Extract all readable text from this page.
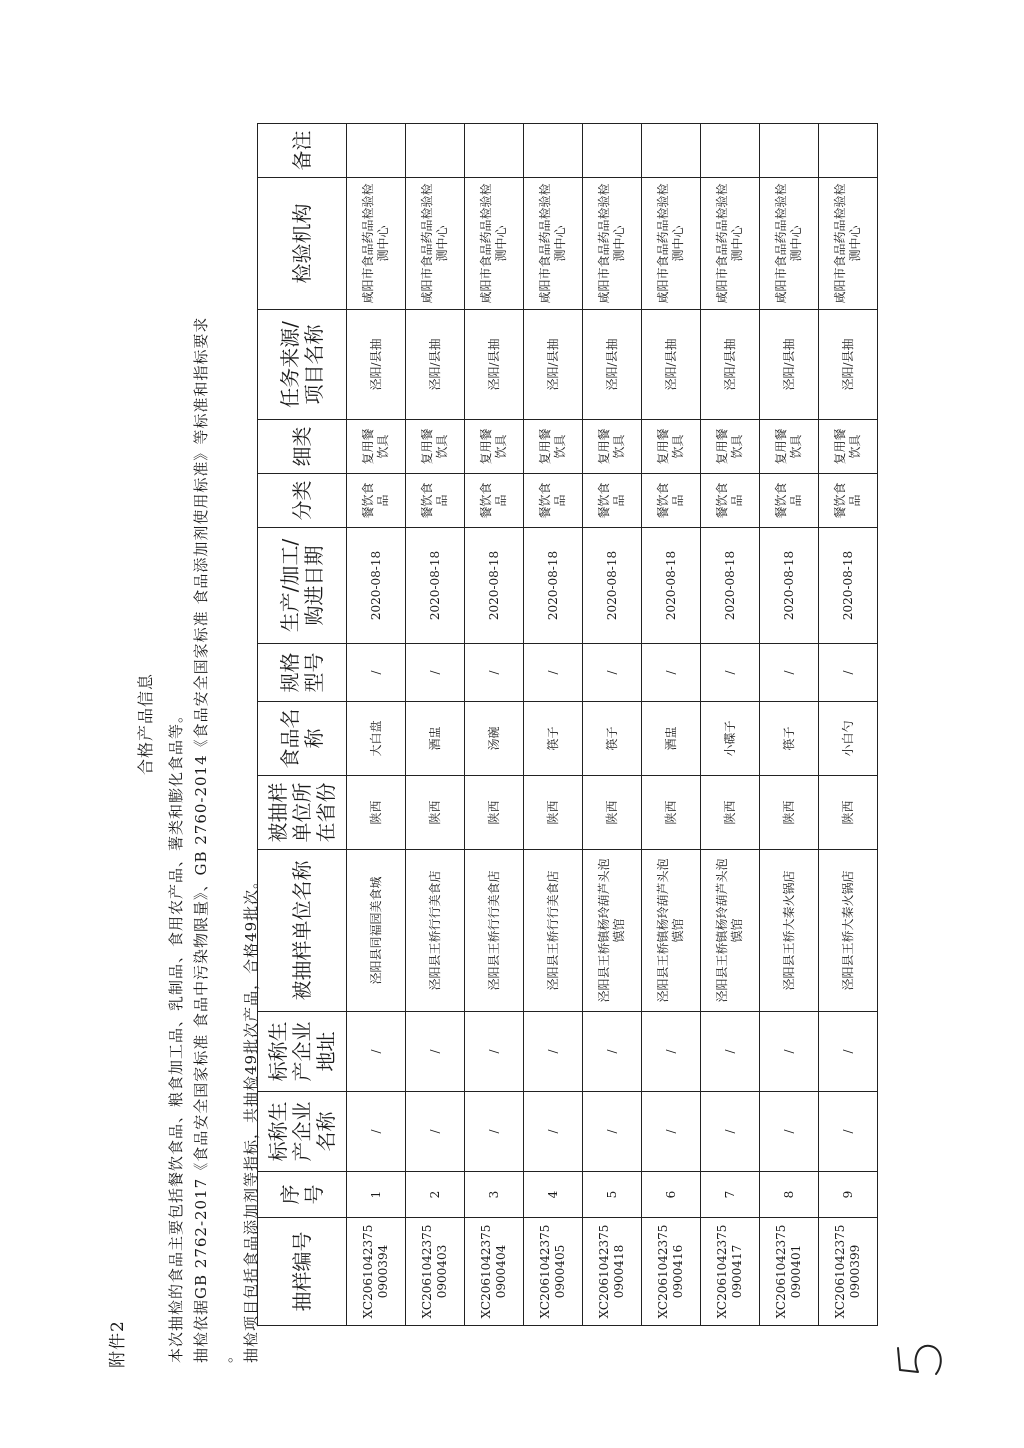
附件2
合格产品信息 本次抽检的食品主要包括餐饮食品、粮食加工品、乳制品、食用农产品、薯类和膨化食品等。 抽检依据GB 2762-2017《食品安全国家标准 食品中污染物限量》、GB 2760-2014《食品安全国家标准 食品添加剂使用标准》等标准和指标要求 。 抽检项目包括食品添加剂等指标，共抽检49批次产品，合格49批次。 抽样编号	序号	标称生产企业名称	标称生产企业地址	被抽样单位名称	被抽样单位所在省份	食品名称	规格型号	生产/加工/购进日期	分类	细类	任务来源/项目名称	检验机构	备注
XC20610423750900394	1	/	/	泾阳县同福园美食城	陕西	大白盘	/	2020-08-18	餐饮食品	复用餐饮具	泾阳/县抽	咸阳市食品药品检验检测中心	
XC20610423750900403	2	/	/	泾阳县王桥行行美食店	陕西	酒盅	/	2020-08-18	餐饮食品	复用餐饮具	泾阳/县抽	咸阳市食品药品检验检测中心	
XC20610423750900404	3	/	/	泾阳县王桥行行美食店	陕西	汤碗	/	2020-08-18	餐饮食品	复用餐饮具	泾阳/县抽	咸阳市食品药品检验检测中心	
XC20610423750900405	4	/	/	泾阳县王桥行行美食店	陕西	筷子	/	2020-08-18	餐饮食品	复用餐饮具	泾阳/县抽	咸阳市食品药品检验检测中心	
XC20610423750900418	5	/	/	泾阳县王桥镇杨玲葫芦头泡馍馆	陕西	筷子	/	2020-08-18	餐饮食品	复用餐饮具	泾阳/县抽	咸阳市食品药品检验检测中心	
XC20610423750900416	6	/	/	泾阳县王桥镇杨玲葫芦头泡馍馆	陕西	酒盅	/	2020-08-18	餐饮食品	复用餐饮具	泾阳/县抽	咸阳市食品药品检验检测中心	
XC20610423750900417	7	/	/	泾阳县王桥镇杨玲葫芦头泡馍馆	陕西	小碟子	/	2020-08-18	餐饮食品	复用餐饮具	泾阳/县抽	咸阳市食品药品检验检测中心	
XC20610423750900401	8	/	/	泾阳县王桥大秦火锅店	陕西	筷子	/	2020-08-18	餐饮食品	复用餐饮具	泾阳/县抽	咸阳市食品药品检验检测中心	
XC20610423750900399	9	/	/	泾阳县王桥大秦火锅店	陕西	小白勺	/	2020-08-18	餐饮食品	复用餐饮具	泾阳/县抽	咸阳市食品药品检验检测中心	
